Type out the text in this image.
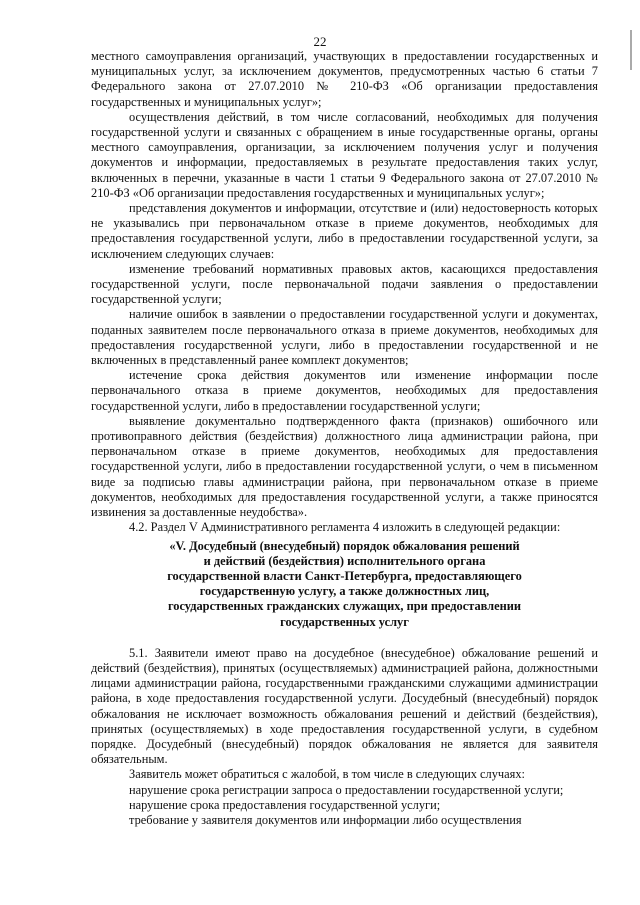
22

местного самоуправления организаций, участвующих в предоставлении государственных и муниципальных услуг, за исключением документов, предусмотренных частью 6 статьи 7 Федерального закона от 27.07.2010 № 210-ФЗ «Об организации предоставления государственных и муниципальных услуг»;

осуществления действий, в том числе согласований, необходимых для получения государственной услуги и связанных с обращением в иные государственные органы, органы местного самоуправления, организации, за исключением получения услуг и получения документов и информации, предоставляемых в результате предоставления таких услуг, включенных в перечни, указанные в части 1 статьи 9 Федерального закона от 27.07.2010 № 210-ФЗ «Об организации предоставления государственных и муниципальных услуг»;

представления документов и информации, отсутствие и (или) недостоверность которых не указывались при первоначальном отказе в приеме документов, необходимых для предоставления государственной услуги, либо в предоставлении государственной услуги, за исключением следующих случаев:

изменение требований нормативных правовых актов, касающихся предоставления государственной услуги, после первоначальной подачи заявления о предоставлении государственной услуги;

наличие ошибок в заявлении о предоставлении государственной услуги и документах, поданных заявителем после первоначального отказа в приеме документов, необходимых для предоставления государственной услуги, либо в предоставлении государственной и не включенных в представленный ранее комплект документов;

истечение срока действия документов или изменение информации после первоначального отказа в приеме документов, необходимых для предоставления государственной услуги, либо в предоставлении государственной услуги;

выявление документально подтвержденного факта (признаков) ошибочного или противоправного действия (бездействия) должностного лица администрации района, при первоначальном отказе в приеме документов, необходимых для предоставления государственной услуги, либо в предоставлении государственной услуги, о чем в письменном виде за подписью главы администрации района, при первоначальном отказе в приеме документов, необходимых для предоставления государственной услуги, а также приносятся извинения за доставленные неудобства».

4.2. Раздел V Административного регламента 4 изложить в следующей редакции:

«V. Досудебный (внесудебный) порядок обжалования решений

и действий (бездействия) исполнительного органа

государственной власти Санкт-Петербурга, предоставляющего

государственную услугу, а также должностных лиц,

государственных гражданских служащих, при предоставлении

государственных услуг

5.1. Заявители имеют право на досудебное (внесудебное) обжалование решений и действий (бездействия), принятых (осуществляемых) администрацией района, должностными лицами администрации района, государственными гражданскими служащими администрации района, в ходе предоставления государственной услуги. Досудебный (внесудебный) порядок обжалования не исключает возможность обжалования решений и действий (бездействия), принятых (осуществляемых) в ходе предоставления государственной услуги, в судебном порядке. Досудебный (внесудебный) порядок обжалования не является для заявителя обязательным.

Заявитель может обратиться с жалобой, в том числе в следующих случаях:

нарушение срока регистрации запроса о предоставлении государственной услуги;

нарушение срока предоставления государственной услуги;

требование у заявителя документов или информации либо осуществления
